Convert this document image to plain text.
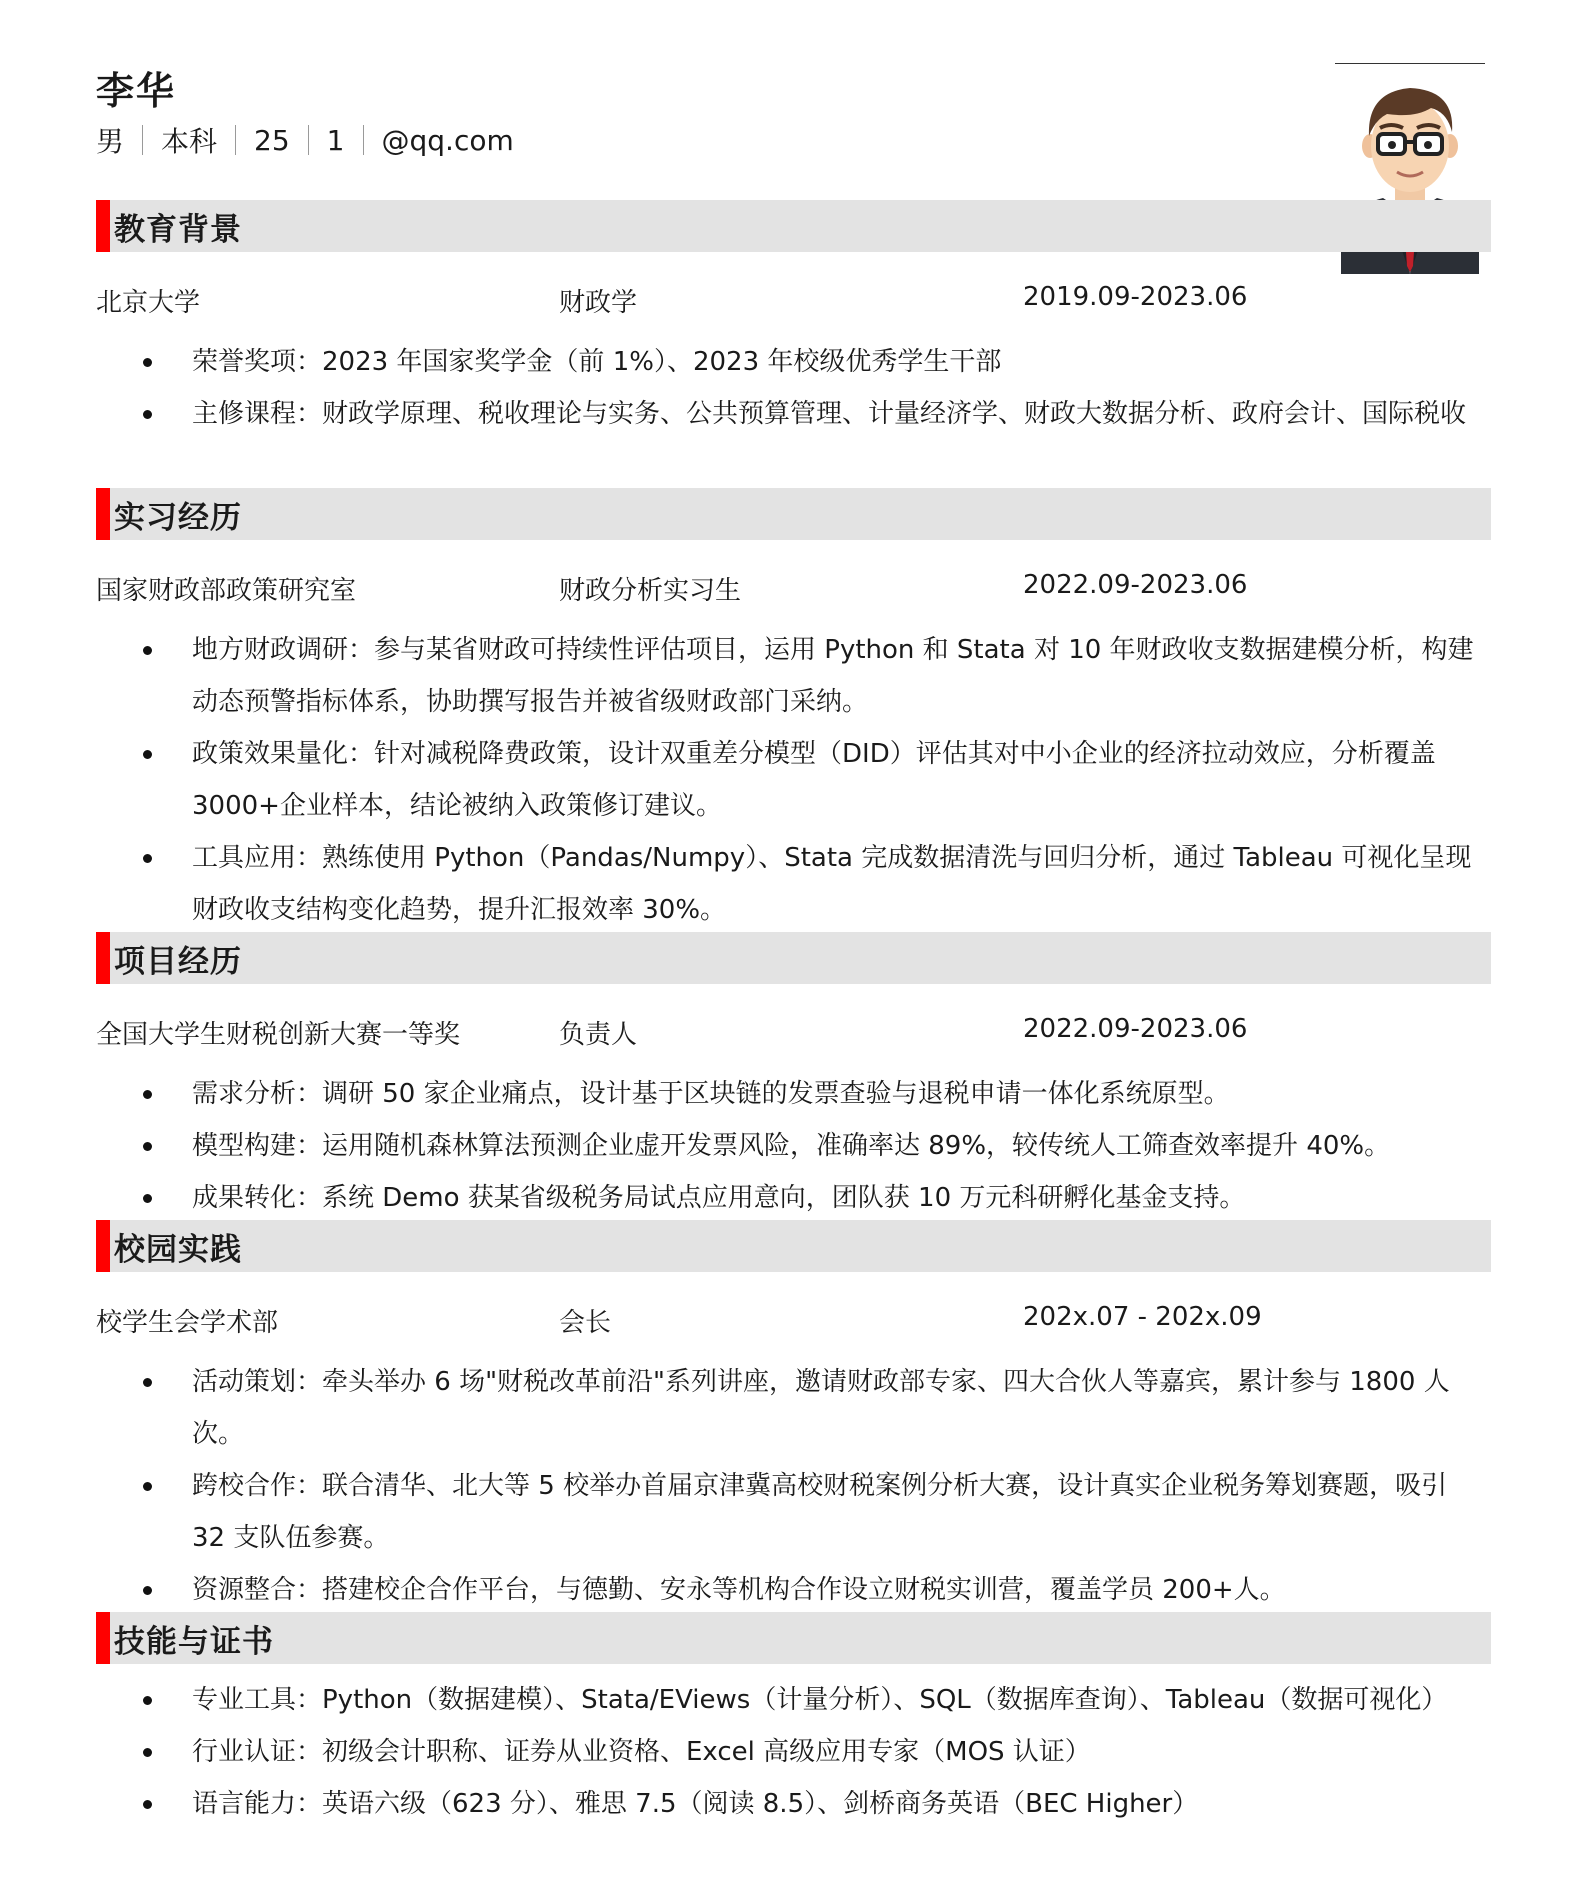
李华
男 本科 25 1 @qq.com
教育背景
北京大学	财政学	2019.09-2023.06
荣誉奖项：2023 年国家奖学金（前 1%）、2023 年校级优秀学生干部
主修课程：财政学原理、税收理论与实务、公共预算管理、计量经济学、财政大数据分析、政府会计、国际税收
实习经历
国家财政部政策研究室	财政分析实习生	2022.09-2023.06
地方财政调研：参与某省财政可持续性评估项目，运用 Python 和 Stata 对 10 年财政收支数据建模分析，构建动态预警指标体系，协助撰写报告并被省级财政部门采纳。
政策效果量化：针对减税降费政策，设计双重差分模型（DID）评估其对中小企业的经济拉动效应，分析覆盖 3000+企业样本，结论被纳入政策修订建议。
工具应用：熟练使用 Python（Pandas/Numpy）、Stata 完成数据清洗与回归分析，通过 Tableau 可视化呈现财政收支结构变化趋势，提升汇报效率 30%。
项目经历
全国大学生财税创新大赛一等奖	负责人	2022.09-2023.06
需求分析：调研 50 家企业痛点，设计基于区块链的发票查验与退税申请一体化系统原型。
模型构建：运用随机森林算法预测企业虚开发票风险，准确率达 89%，较传统人工筛查效率提升 40%。
成果转化：系统 Demo 获某省级税务局试点应用意向，团队获 10 万元科研孵化基金支持。
校园实践
校学生会学术部	会长	202x.07 - 202x.09
活动策划：牵头举办 6 场"财税改革前沿"系列讲座，邀请财政部专家、四大合伙人等嘉宾，累计参与 1800 人次。
跨校合作：联合清华、北大等 5 校举办首届京津冀高校财税案例分析大赛，设计真实企业税务筹划赛题，吸引 32 支队伍参赛。
资源整合：搭建校企合作平台，与德勤、安永等机构合作设立财税实训营，覆盖学员 200+人。
技能与证书
专业工具：Python（数据建模）、Stata/EViews（计量分析）、SQL（数据库查询）、Tableau（数据可视化）
行业认证：初级会计职称、证券从业资格、Excel 高级应用专家（MOS 认证）
语言能力：英语六级（623 分）、雅思 7.5（阅读 8.5）、剑桥商务英语（BEC Higher）
